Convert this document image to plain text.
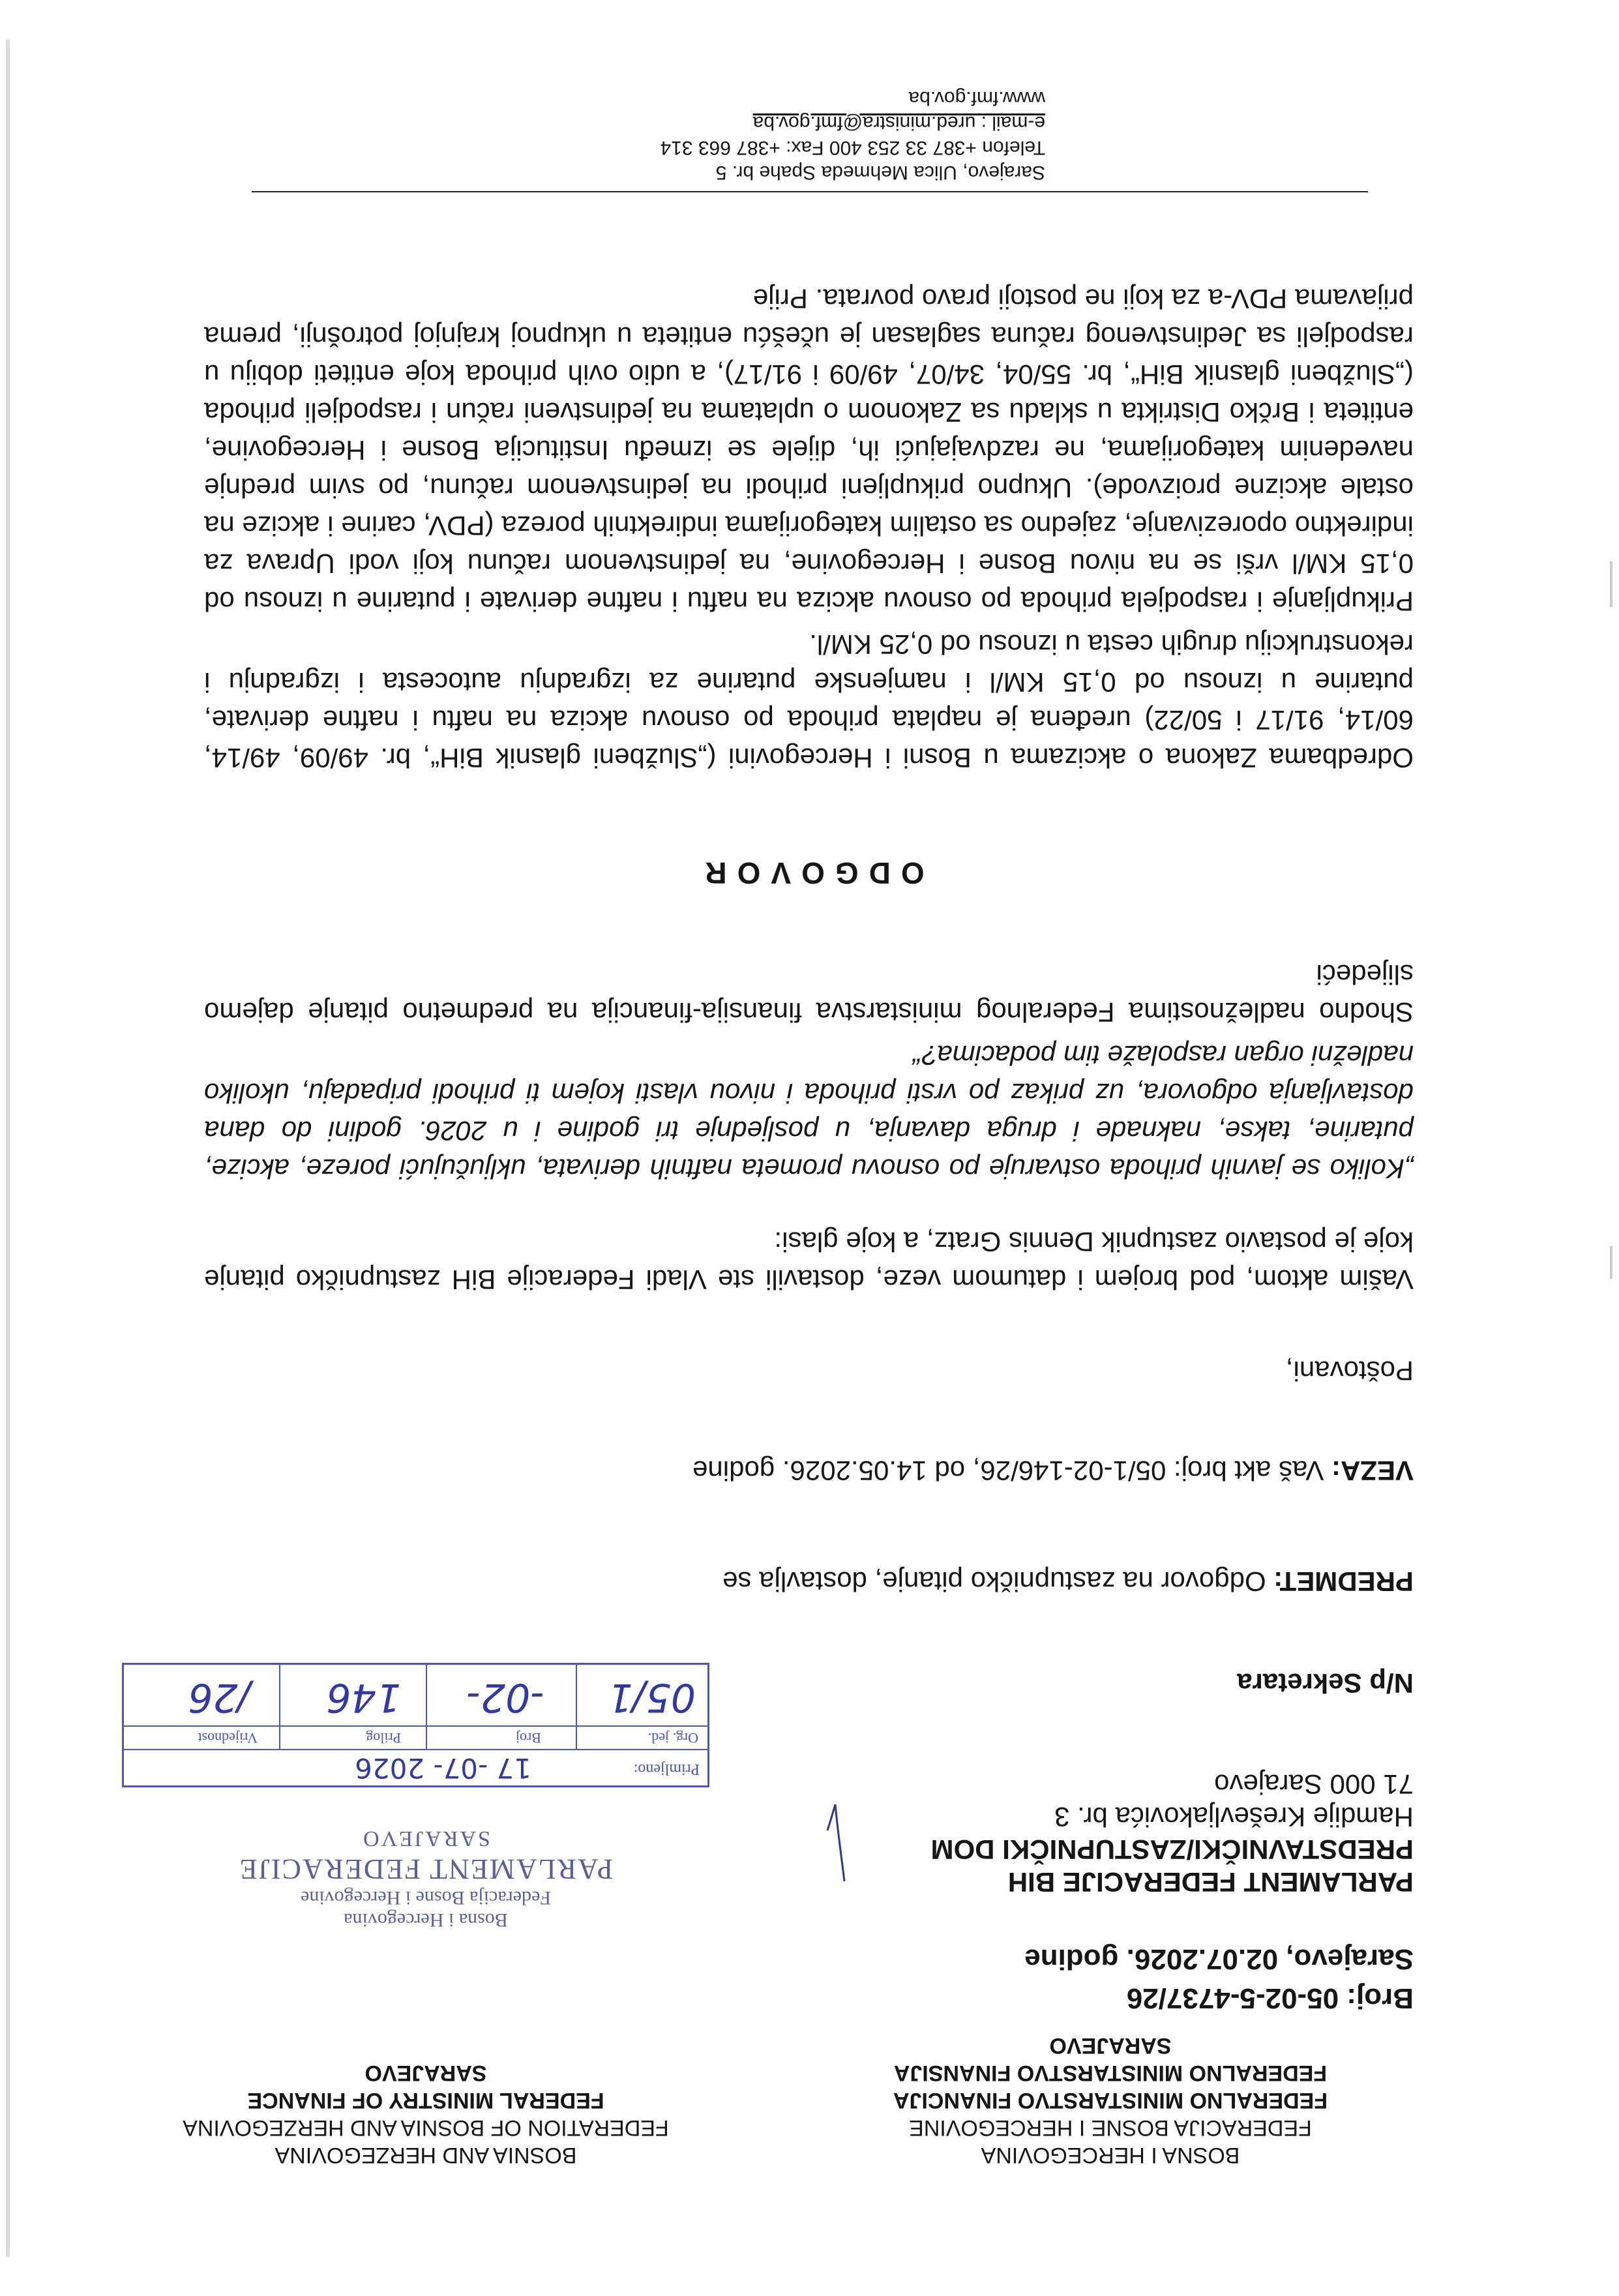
BOSNA I HERCEGOVINA
FEDERACIJA BOSNE I HERCEGOVINE
FEDERALNO MINISTARSTVO FINANCIJA
FEDERALNO MINISTARSTVO FINANSIJA
SARAJEVO
BOSNIA AND HERZEGOVINA
FEDERATION OF BOSNIA AND HERZEGOVINA
FEDERAL MINISTRY OF FINANCE
SARAJEVO
Broj: 05-02-5-4737/26
Sarajevo, 02.07.2026. godine
PARLAMENT FEDERACIJE BIH
PREDSTAVNIČKI/ZASTUPNIČKI DOM
Hamdije Kreševljakovića br. 3
71 000 Sarajevo
N/p Sekretara
Bosna i Hercegovina
Federacija Bosne i Hercegovine
PARLAMENT FEDERACIJE
SARAJEVO
Primljeno:
17 -07- 2026
Org. jed.
Broj
Prilog
Vrijednost
05/1
-02-
146
/26
PREDMET: Odgovor na zastupničko pitanje, dostavlja se
VEZA: Vaš akt broj: 05/1-02-146/26, od 14.05.2026. godine
Poštovani,
Vašim aktom, pod brojem i datumom veze, dostavili ste Vladi Federacije BiH zastupničko pitanje koje je postavio zastupnik Dennis Gratz, a koje glasi:
„Koliko se javnih prihoda ostvaruje po osnovu prometa naftnih derivata, uključujući poreze, akcize, putarine, takse, naknade i druga davanja, u posljednje tri godine i u 2026. godini do dana dostavljanja odgovora, uz prikaz po vrsti prihoda i nivou vlasti kojem ti prihodi pripadaju, ukoliko nadležni organ raspolaže tim podacima?“
Shodno nadležnostima Federalnog ministarstva finansija-financija na predmetno pitanje dajemo slijedeći
ODGOVOR
Odredbama Zakona o akcizama u Bosni i Hercegovini („Službeni glasnik BiH“, br. 49/09, 49/14, 60/14, 91/17 i 50/22) uređena je naplata prihoda po osnovu akciza na naftu i naftne derivate, putarine u iznosu od 0,15 KM/l i namjenske putarine za izgradnju autocesta i izgradnju i rekonstrukciju drugih cesta u iznosu od 0,25 KM/l.
Prikupljanje i raspodjela prihoda po osnovu akciza na naftu i naftne derivate i putarine u iznosu od 0,15 KM/l vrši se na nivou Bosne i Hercegovine, na jedinstvenom računu koji vodi Uprava za indirektno oporezivanje, zajedno sa ostalim kategorijama indirektnih poreza (PDV, carine i akcize na ostale akcizne proizvode). Ukupno prikupljeni prihodi na jedinstvenom računu, po svim prednje navedenim kategorijama, ne razdvajajući ih, dijele se između Institucija Bosne i Hercegovine, entiteta i Brčko Distrikta u skladu sa Zakonom o uplatama na jedinstveni račun i raspodjeli prihoda („Službeni glasnik BiH“, br. 55/04, 34/07, 49/09 i 91/17), a udio ovih prihoda koje entiteti dobiju u raspodjeli sa Jedinstvenog računa saglasan je učešću entiteta u ukupnoj krajnjoj potrošnji, prema prijavama PDV-a za koji ne postoji pravo povrata. Prije
Sarajevo, Ulica Mehmeda Spahe br. 5
Telefon +387 33 253 400 Fax: +387 663 314
e-mail : ured.ministra@fmf.gov.ba
www.fmf.gov.ba
